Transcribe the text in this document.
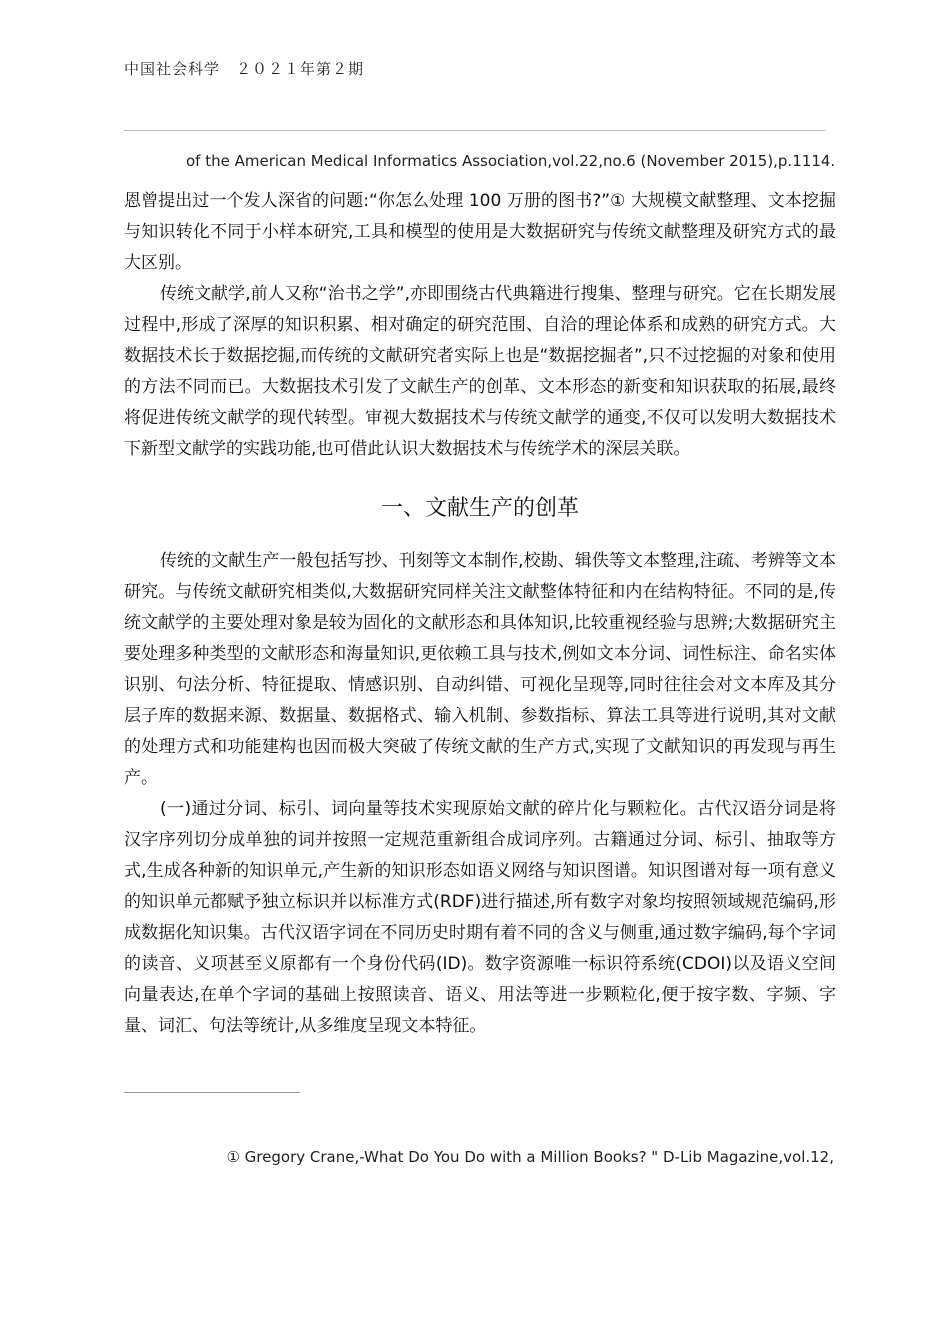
中国社会科学　２０２１年第２期
of the American Medical Informatics Association,vol.22,no.6 (November 2015),p.1114.

恩曾提出过一个发人深省的问题:“你怎么处理 100 万册的图书?”① 大规模文献整理、文本挖掘与知识转化不同于小样本研究,工具和模型的使用是大数据研究与传统文献整理及研究方式的最大区别。

传统文献学,前人又称“治书之学”,亦即围绕古代典籍进行搜集、整理与研究。它在长期发展过程中,形成了深厚的知识积累、相对确定的研究范围、自洽的理论体系和成熟的研究方式。大数据技术长于数据挖掘,而传统的文献研究者实际上也是“数据挖掘者”,只不过挖掘的对象和使用的方法不同而已。大数据技术引发了文献生产的创革、文本形态的新变和知识获取的拓展,最终将促进传统文献学的现代转型。审视大数据技术与传统文献学的通变,不仅可以发明大数据技术下新型文献学的实践功能,也可借此认识大数据技术与传统学术的深层关联。

一、文献生产的创革

传统的文献生产一般包括写抄、刊刻等文本制作,校勘、辑佚等文本整理,注疏、考辨等文本研究。与传统文献研究相类似,大数据研究同样关注文献整体特征和内在结构特征。不同的是,传统文献学的主要处理对象是较为固化的文献形态和具体知识,比较重视经验与思辨;大数据研究主要处理多种类型的文献形态和海量知识,更依赖工具与技术,例如文本分词、词性标注、命名实体识别、句法分析、特征提取、情感识别、自动纠错、可视化呈现等,同时往往会对文本库及其分层子库的数据来源、数据量、数据格式、输入机制、参数指标、算法工具等进行说明,其对文献的处理方式和功能建构也因而极大突破了传统文献的生产方式,实现了文献知识的再发现与再生产。

(一)通过分词、标引、词向量等技术实现原始文献的碎片化与颗粒化。古代汉语分词是将汉字序列切分成单独的词并按照一定规范重新组合成词序列。古籍通过分词、标引、抽取等方式,生成各种新的知识单元,产生新的知识形态如语义网络与知识图谱。知识图谱对每一项有意义的知识单元都赋予独立标识并以标准方式(RDF)进行描述,所有数字对象均按照领域规范编码,形成数据化知识集。古代汉语字词在不同历史时期有着不同的含义与侧重,通过数字编码,每个字词的读音、义项甚至义原都有一个身份代码(ID)。数字资源唯一标识符系统(CDOI)以及语义空间向量表达,在单个字词的基础上按照读音、语义、用法等进一步颗粒化,便于按字数、字频、字量、词汇、句法等统计,从多维度呈现文本特征。

① Gregory Crane,‐What Do You Do with a Million Books? " D-Lib Magazine,vol.12,
